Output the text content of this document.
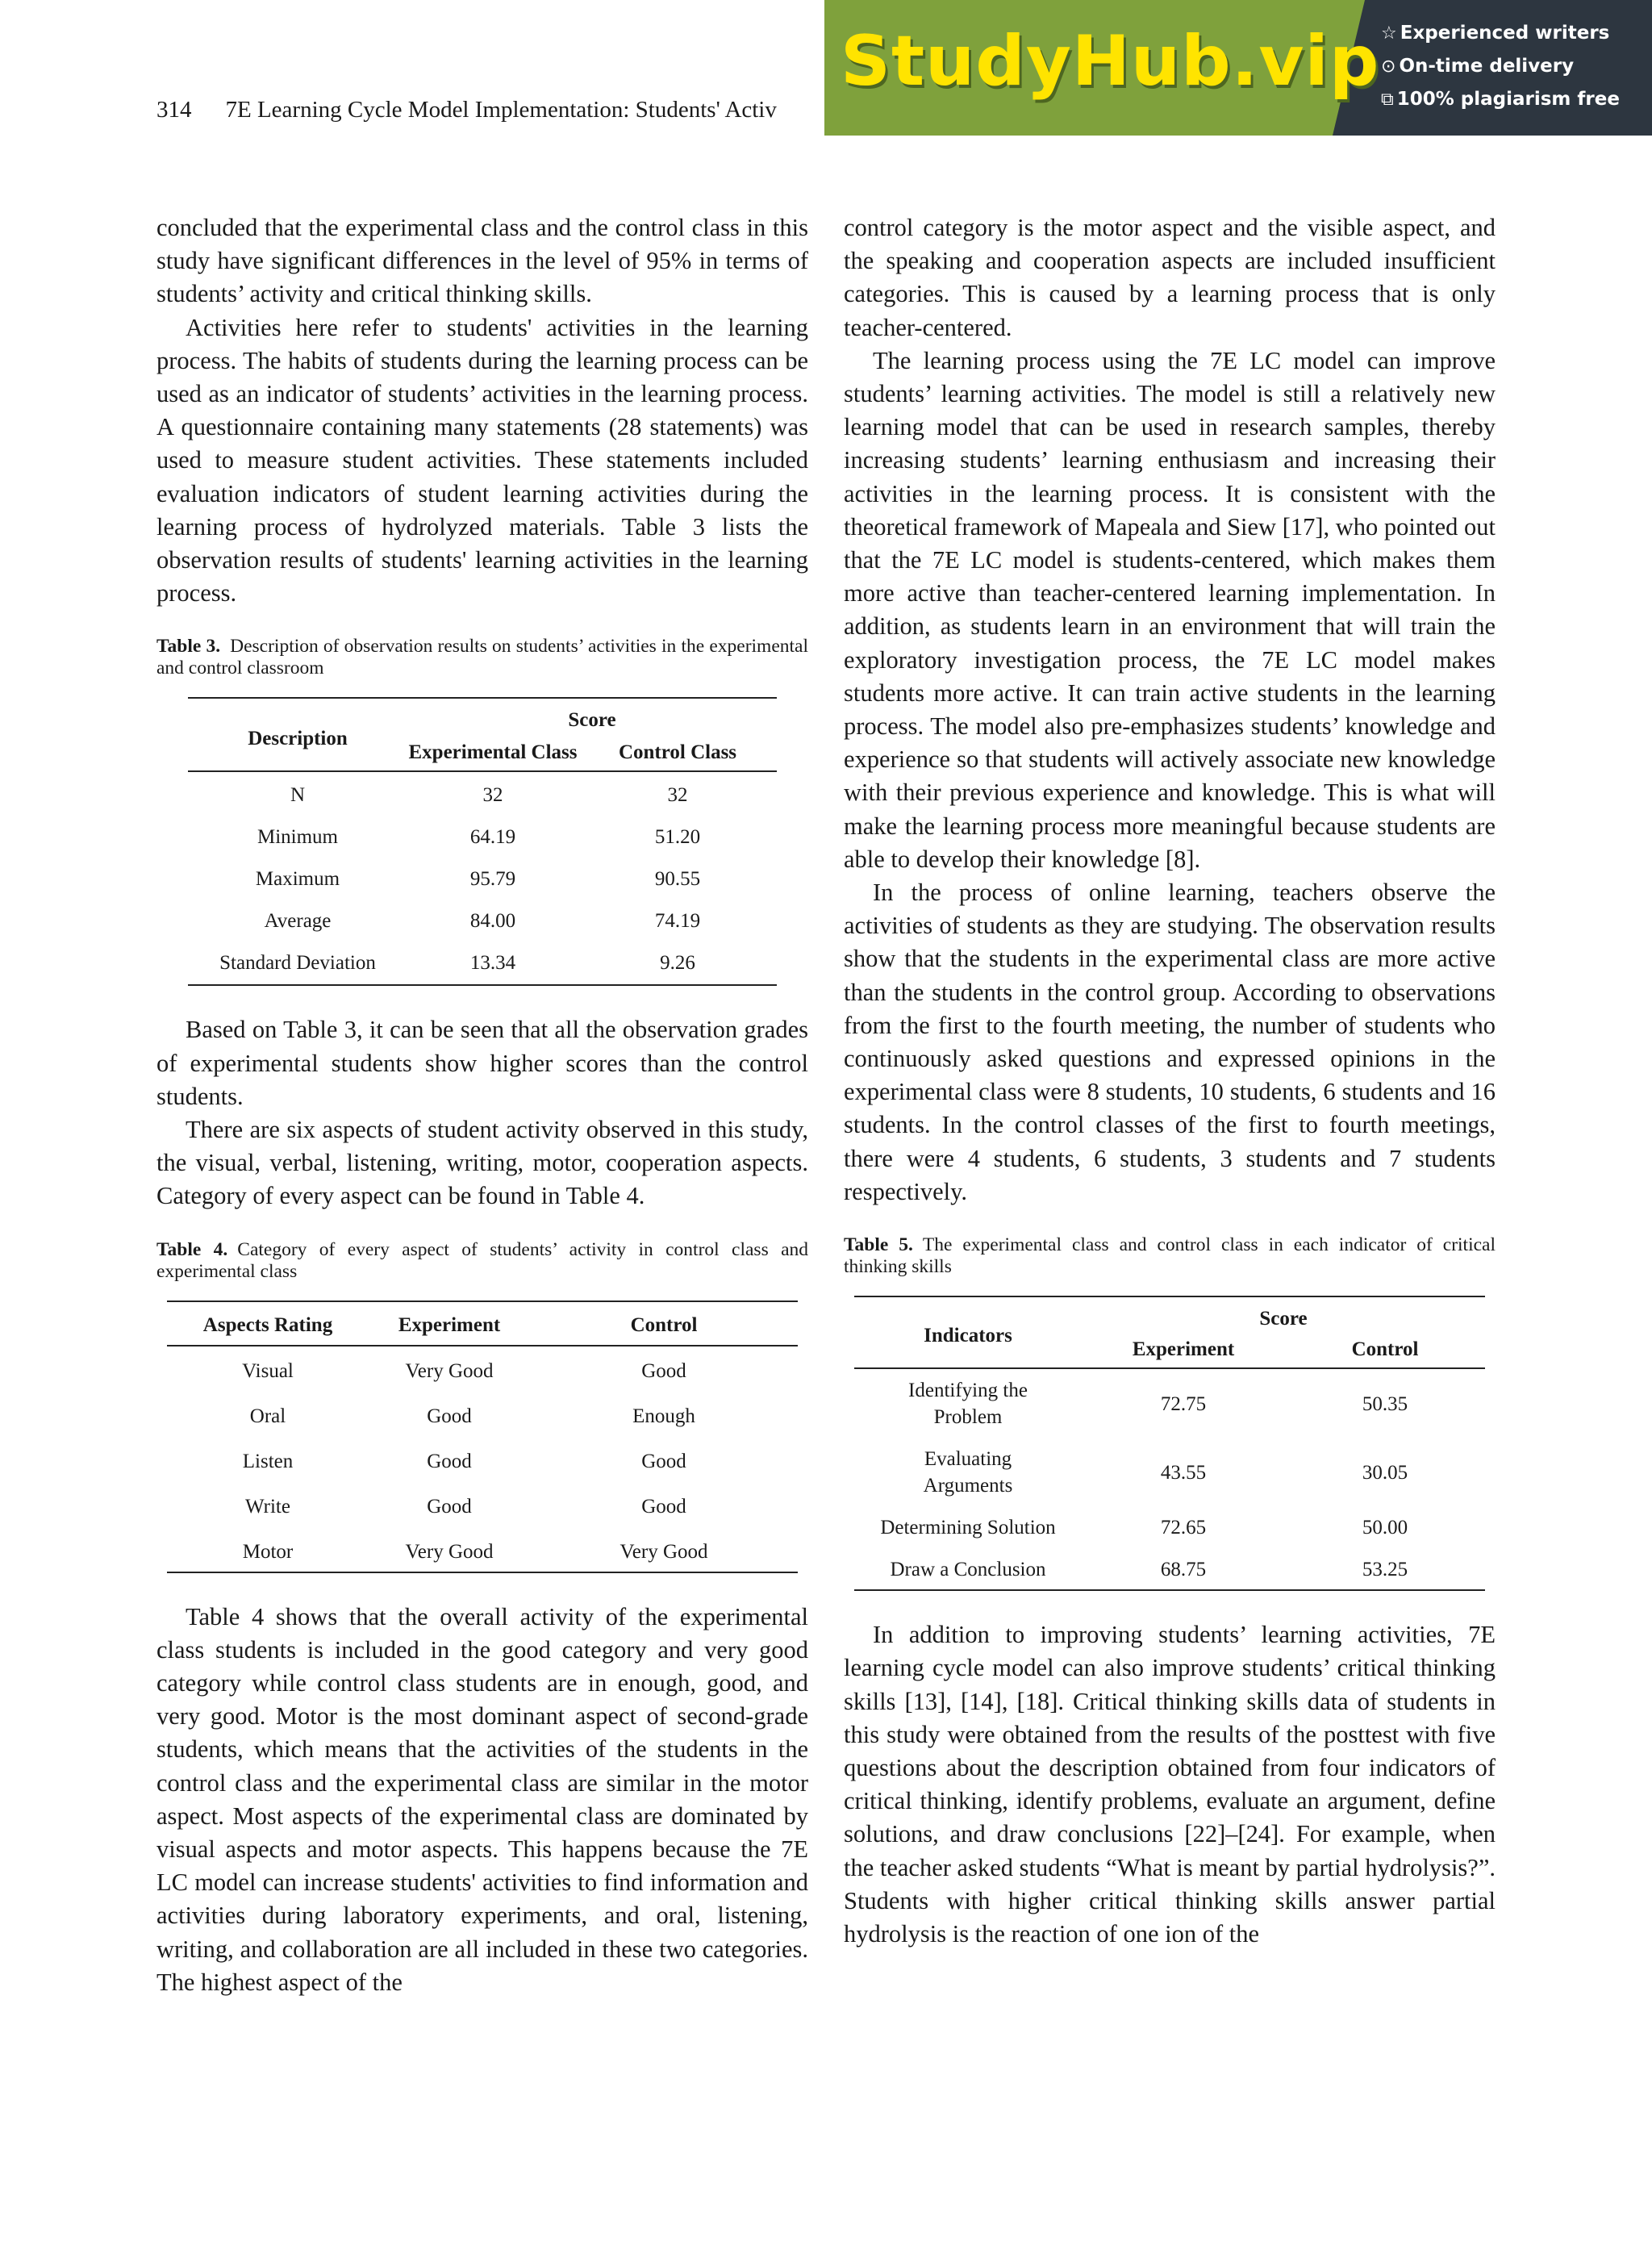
314 7E Learning Cycle Model Implementation: Students' Activ
StudyHub.vip ☆ Experienced writers
⊙ On-time delivery
⧉ 100% plagiarism free

concluded that the experimental class and the control class in this study have significant differences in the level of 95% in terms of students’ activity and critical thinking skills.

Activities here refer to students' activities in the learning process. The habits of students during the learning process can be used as an indicator of students’ activities in the learning process. A questionnaire containing many statements (28 statements) was used to measure student activities. These statements included evaluation indicators of student learning activities during the learning process of hydrolyzed materials. Table 3 lists the observation results of students' learning activities in the learning process.

Table 3. Description of observation results on students’ activities in the experimental and control classroom
Description	Score	
	Experimental Class	Control Class
N	32	32
Minimum	64.19	51.20
Maximum	95.79	90.55
Average	84.00	74.19
Standard Deviation	13.34	9.26

Based on Table 3, it can be seen that all the observation grades of experimental students show higher scores than the control students.

There are six aspects of student activity observed in this study, the visual, verbal, listening, writing, motor, cooperation aspects. Category of every aspect can be found in Table 4.

Table 4. Category of every aspect of students’ activity in control class and experimental class
Aspects Rating	Experiment	Control
Visual	Very Good	Good
Oral	Good	Enough
Listen	Good	Good
Write	Good	Good
Motor	Very Good	Very Good

Table 4 shows that the overall activity of the experimental class students is included in the good category and very good category while control class students are in enough, good, and very good. Motor is the most dominant aspect of second-grade students, which means that the activities of the students in the control class and the experimental class are similar in the motor aspect. Most aspects of the experimental class are dominated by visual aspects and motor aspects. This happens because the 7E LC model can increase students' activities to find information and activities during laboratory experiments, and oral, listening, writing, and collaboration are all included in these two categories. The highest aspect of the

control category is the motor aspect and the visible aspect, and the speaking and cooperation aspects are included insufficient categories. This is caused by a learning process that is only teacher-centered.

The learning process using the 7E LC model can improve students’ learning activities. The model is still a relatively new learning model that can be used in research samples, thereby increasing students’ learning enthusiasm and increasing their activities in the learning process. It is consistent with the theoretical framework of Mapeala and Siew [17], who pointed out that the 7E LC model is students-centered, which makes them more active than teacher-centered learning implementation. In addition, as students learn in an environment that will train the exploratory investigation process, the 7E LC model makes students more active. It can train active students in the learning process. The model also pre-emphasizes students’ knowledge and experience so that students will actively associate new knowledge with their previous experience and knowledge. This is what will make the learning process more meaningful because students are able to develop their knowledge [8].

In the process of online learning, teachers observe the activities of students as they are studying. The observation results show that the students in the experimental class are more active than the students in the control group. According to observations from the first to the fourth meeting, the number of students who continuously asked questions and expressed opinions in the experimental class were 8 students, 10 students, 6 students and 16 students. In the control classes of the first to fourth meetings, there were 4 students, 6 students, 3 students and 7 students respectively.

Table 5. The experimental class and control class in each indicator of critical thinking skills
Indicators	Score	
	Experiment	Control
Identifying the Problem	72.75	50.35
Evaluating Arguments	43.55	30.05
Determining Solution	72.65	50.00
Draw a Conclusion	68.75	53.25

In addition to improving students’ learning activities, 7E learning cycle model can also improve students’ critical thinking skills [13], [14], [18]. Critical thinking skills data of students in this study were obtained from the results of the posttest with five questions about the description obtained from four indicators of critical thinking, identify problems, evaluate an argument, define solutions, and draw conclusions [22]–[24]. For example, when the teacher asked students “What is meant by partial hydrolysis?”. Students with higher critical thinking skills answer partial hydrolysis is the reaction of one ion of the
